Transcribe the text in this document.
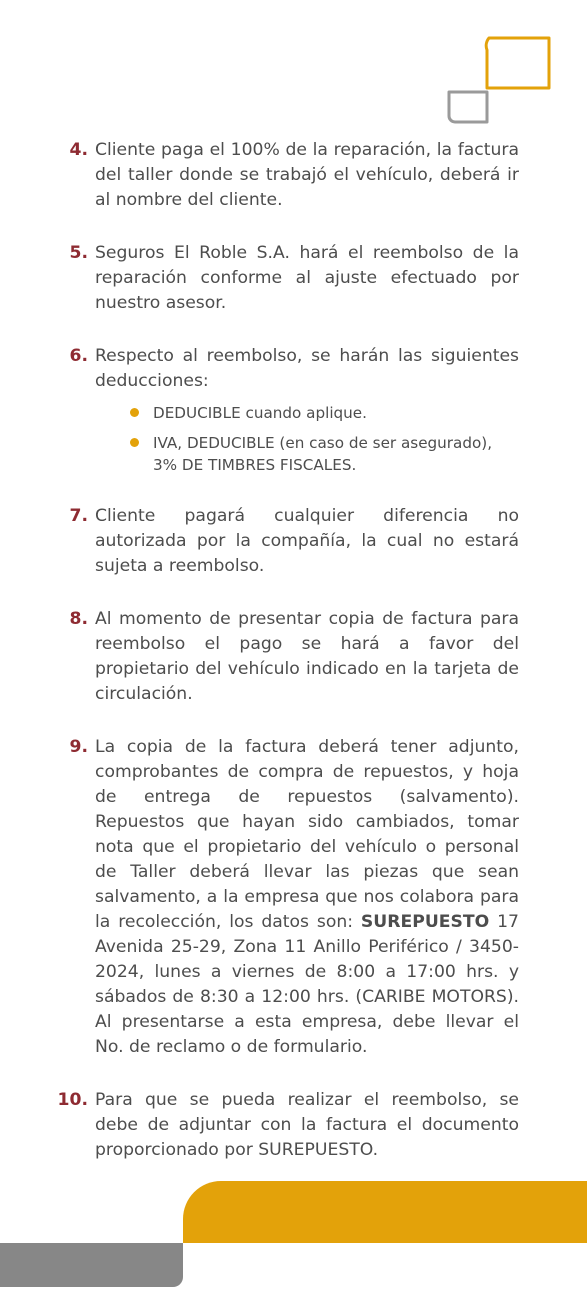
4. Cliente paga el 100% de la reparación, la factura del taller donde se trabajó el vehículo, deberá ir al nombre del cliente.
5. Seguros El Roble S.A. hará el reembolso de la reparación conforme al ajuste efectuado por nuestro asesor.
6. Respecto al reembolso, se harán las siguientes deducciones:
DEDUCIBLE cuando aplique.
IVA, DEDUCIBLE (en caso de ser asegurado), 3% DE TIMBRES FISCALES.
7. Cliente pagará cualquier diferencia no autorizada por la compañía, la cual no estará sujeta a reembolso.
8. Al momento de presentar copia de factura para reembolso el pago se hará a favor del propietario del vehículo indicado en la tarjeta de circulación.
9. La copia de la factura deberá tener adjunto, comprobantes de compra de repuestos, y hoja de entrega de repuestos (salvamento). Repuestos que hayan sido cambiados, tomar nota que el propietario del vehículo o personal de Taller deberá llevar las piezas que sean salvamento, a la empresa que nos colabora para la recolección, los datos son: SUREPUESTO 17 Avenida 25-29, Zona 11 Anillo Periférico / 3450-2024, lunes a viernes de 8:00 a 17:00 hrs. y sábados de 8:30 a 12:00 hrs. (CARIBE MOTORS). Al presentarse a esta empresa, debe llevar el No. de reclamo o de formulario.
10. Para que se pueda realizar el reembolso, se debe de adjuntar con la factura el documento proporcionado por SUREPUESTO.
